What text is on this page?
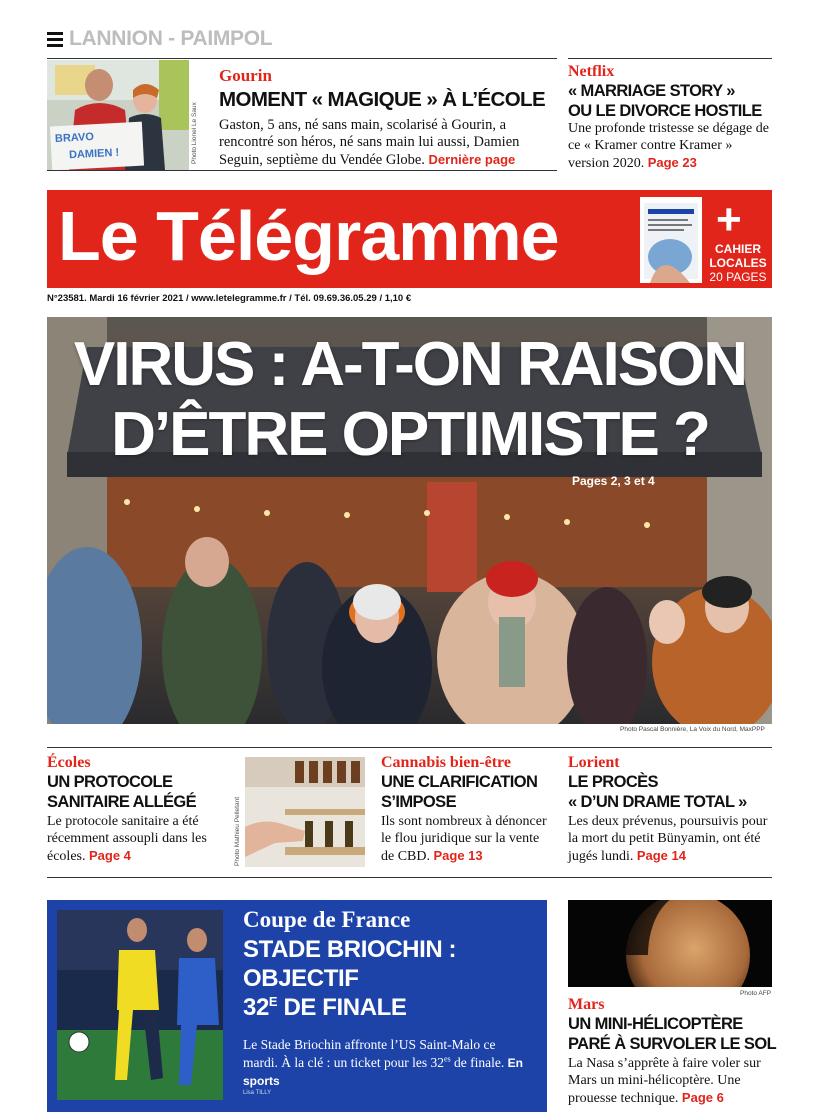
LANNION - PAIMPOL
BRAVO
DAMIEN !	Photo Lionel Le Saux
Gourin
MOMENT « MAGIQUE » À L’ÉCOLE
Gaston, 5 ans, né sans main, scolarisé à Gourin, a rencontré son héros, né sans main lui aussi, Damien Seguin, septième du Vendée Globe. Dernière page
Netflix
« MARRIAGE STORY »
OU LE DIVORCE HOSTILE
Une profonde tristesse se dégage de ce « Kramer contre Kramer » version 2020. Page 23
Le Télégramme	+
CAHIER
LOCALES
20 PAGES
N°23581. Mardi 16 février 2021 / www.letelegramme.fr / Tél. 09.69.36.05.29 / 1,10 €
VIRUS : A-T-ON RAISON
D’ÊTRE OPTIMISTE ?
Pages 2, 3 et 4
Photo Pascal Bonnière, La Voix du Nord, MaxPPP
Écoles
UN PROTOCOLE
SANITAIRE ALLÉGÉ
Le protocole sanitaire a été récemment assoupli dans les écoles. Page 4	Photo Mathieu Pelletant
Cannabis bien-être
UNE CLARIFICATION
S’IMPOSE
Ils sont nombreux à dénoncer le flou juridique sur la vente de CBD. Page 13
Lorient
LE PROCÈS
« D’UN DRAME TOTAL »
Les deux prévenus, poursuivis pour la mort du petit Bünyamin, ont été jugés lundi. Page 14
Coupe de France
STADE BRIOCHIN :
OBJECTIF
$32^E$ DE FINALE
Le Stade Briochin affronte l’US Saint-Malo ce mardi. À la clé : un ticket pour les $32^{es}$ de finale. En sports
Lisa TILLY
Photo AFP
Mars
UN MINI-HÉLICOPTÈRE
PARÉ À SURVOLER LE SOL
La Nasa s’apprête à faire voler sur Mars un mini-hélicoptère. Une prouesse technique. Page 6
